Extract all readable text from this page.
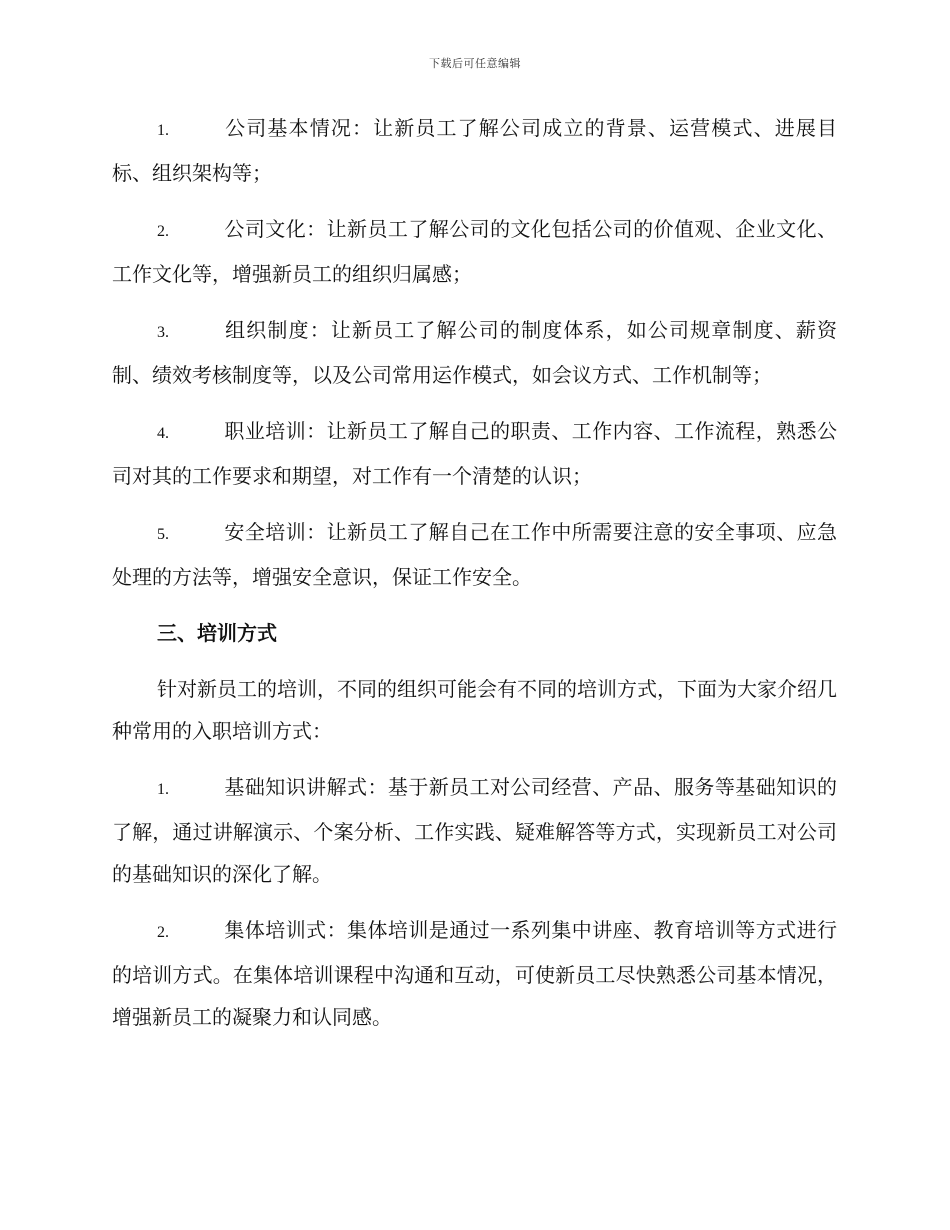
下载后可任意编辑

1.	公司基本情况：让新员工了解公司成立的背景、运营模式、进展目标、组织架构等；

2.	公司文化：让新员工了解公司的文化包括公司的价值观、企业文化、工作文化等，增强新员工的组织归属感；

3.	组织制度：让新员工了解公司的制度体系，如公司规章制度、薪资制、绩效考核制度等，以及公司常用运作模式，如会议方式、工作机制等；

4.	职业培训：让新员工了解自己的职责、工作内容、工作流程，熟悉公司对其的工作要求和期望，对工作有一个清楚的认识；

5.	安全培训：让新员工了解自己在工作中所需要注意的安全事项、应急处理的方法等，增强安全意识，保证工作安全。

三、培训方式

针对新员工的培训，不同的组织可能会有不同的培训方式，下面为大家介绍几种常用的入职培训方式：

1.	基础知识讲解式：基于新员工对公司经营、产品、服务等基础知识的了解，通过讲解演示、个案分析、工作实践、疑难解答等方式，实现新员工对公司的基础知识的深化了解。

2.	集体培训式：集体培训是通过一系列集中讲座、教育培训等方式进行的培训方式。在集体培训课程中沟通和互动，可使新员工尽快熟悉公司基本情况，增强新员工的凝聚力和认同感。
